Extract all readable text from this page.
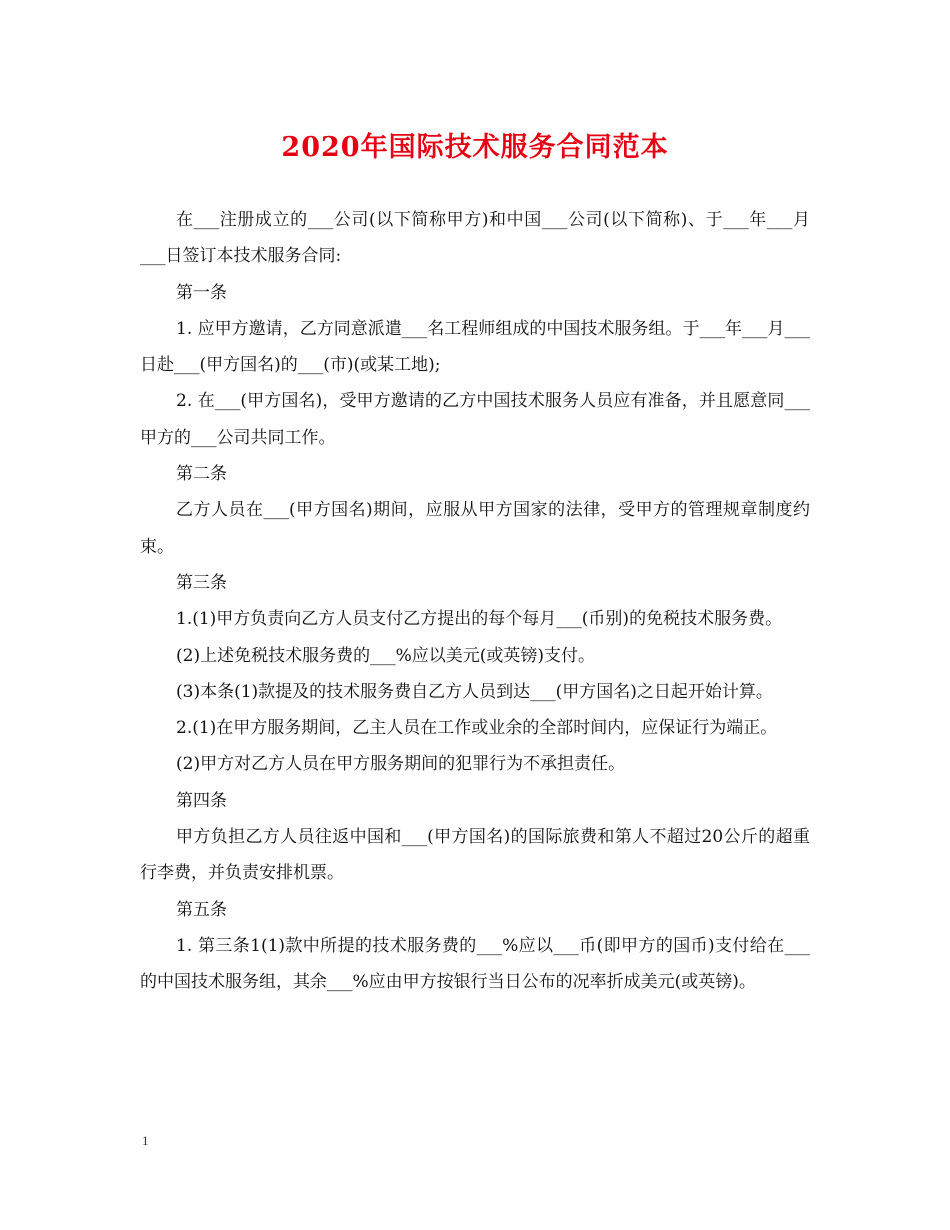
2020年国际技术服务合同范本

在___注册成立的___公司(以下简称甲方)和中国___公司(以下简称)、于___年___月___日签订本技术服务合同:

第一条

1. 应甲方邀请，乙方同意派遣___名工程师组成的中国技术服务组。于___年___月___日赴___(甲方国名)的___(市)(或某工地);

2. 在___(甲方国名)，受甲方邀请的乙方中国技术服务人员应有准备，并且愿意同___甲方的___公司共同工作。

第二条

乙方人员在___(甲方国名)期间，应服从甲方国家的法律，受甲方的管理规章制度约束。

第三条

1.(1)甲方负责向乙方人员支付乙方提出的每个每月___(币别)的免税技术服务费。

(2)上述免税技术服务费的___%应以美元(或英镑)支付。

(3)本条(1)款提及的技术服务费自乙方人员到达___(甲方国名)之日起开始计算。

2.(1)在甲方服务期间，乙主人员在工作或业余的全部时间内，应保证行为端正。

(2)甲方对乙方人员在甲方服务期间的犯罪行为不承担责任。

第四条

甲方负担乙方人员往返中国和___(甲方国名)的国际旅费和第人不超过20公斤的超重行李费，并负责安排机票。

第五条

1. 第三条1(1)款中所提的技术服务费的___%应以___币(即甲方的国币)支付给在___的中国技术服务组，其余___%应由甲方按银行当日公布的况率折成美元(或英镑)。

1
